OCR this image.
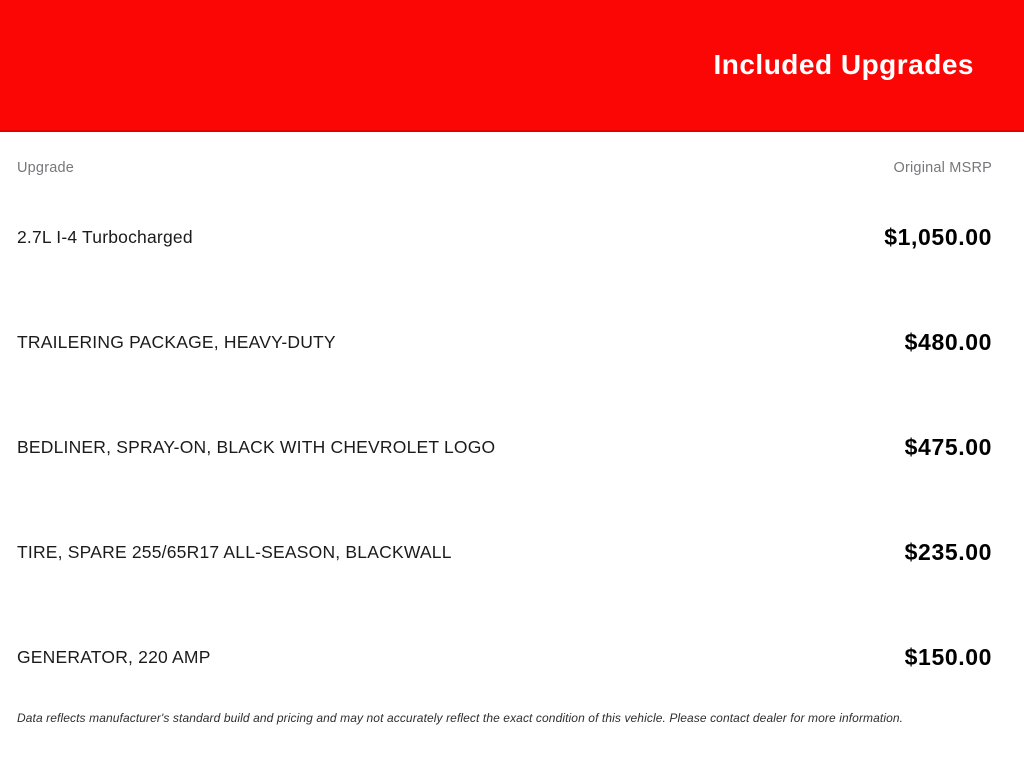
Included Upgrades
Upgrade	Original MSRP
2.7L I-4 Turbocharged	$1,050.00
TRAILERING PACKAGE, HEAVY-DUTY	$480.00
BEDLINER, SPRAY-ON, BLACK WITH CHEVROLET LOGO	$475.00
TIRE, SPARE 255/65R17 ALL-SEASON, BLACKWALL	$235.00
GENERATOR, 220 AMP	$150.00
Data reflects manufacturer's standard build and pricing and may not accurately reflect the exact condition of this vehicle. Please contact dealer for more information.
